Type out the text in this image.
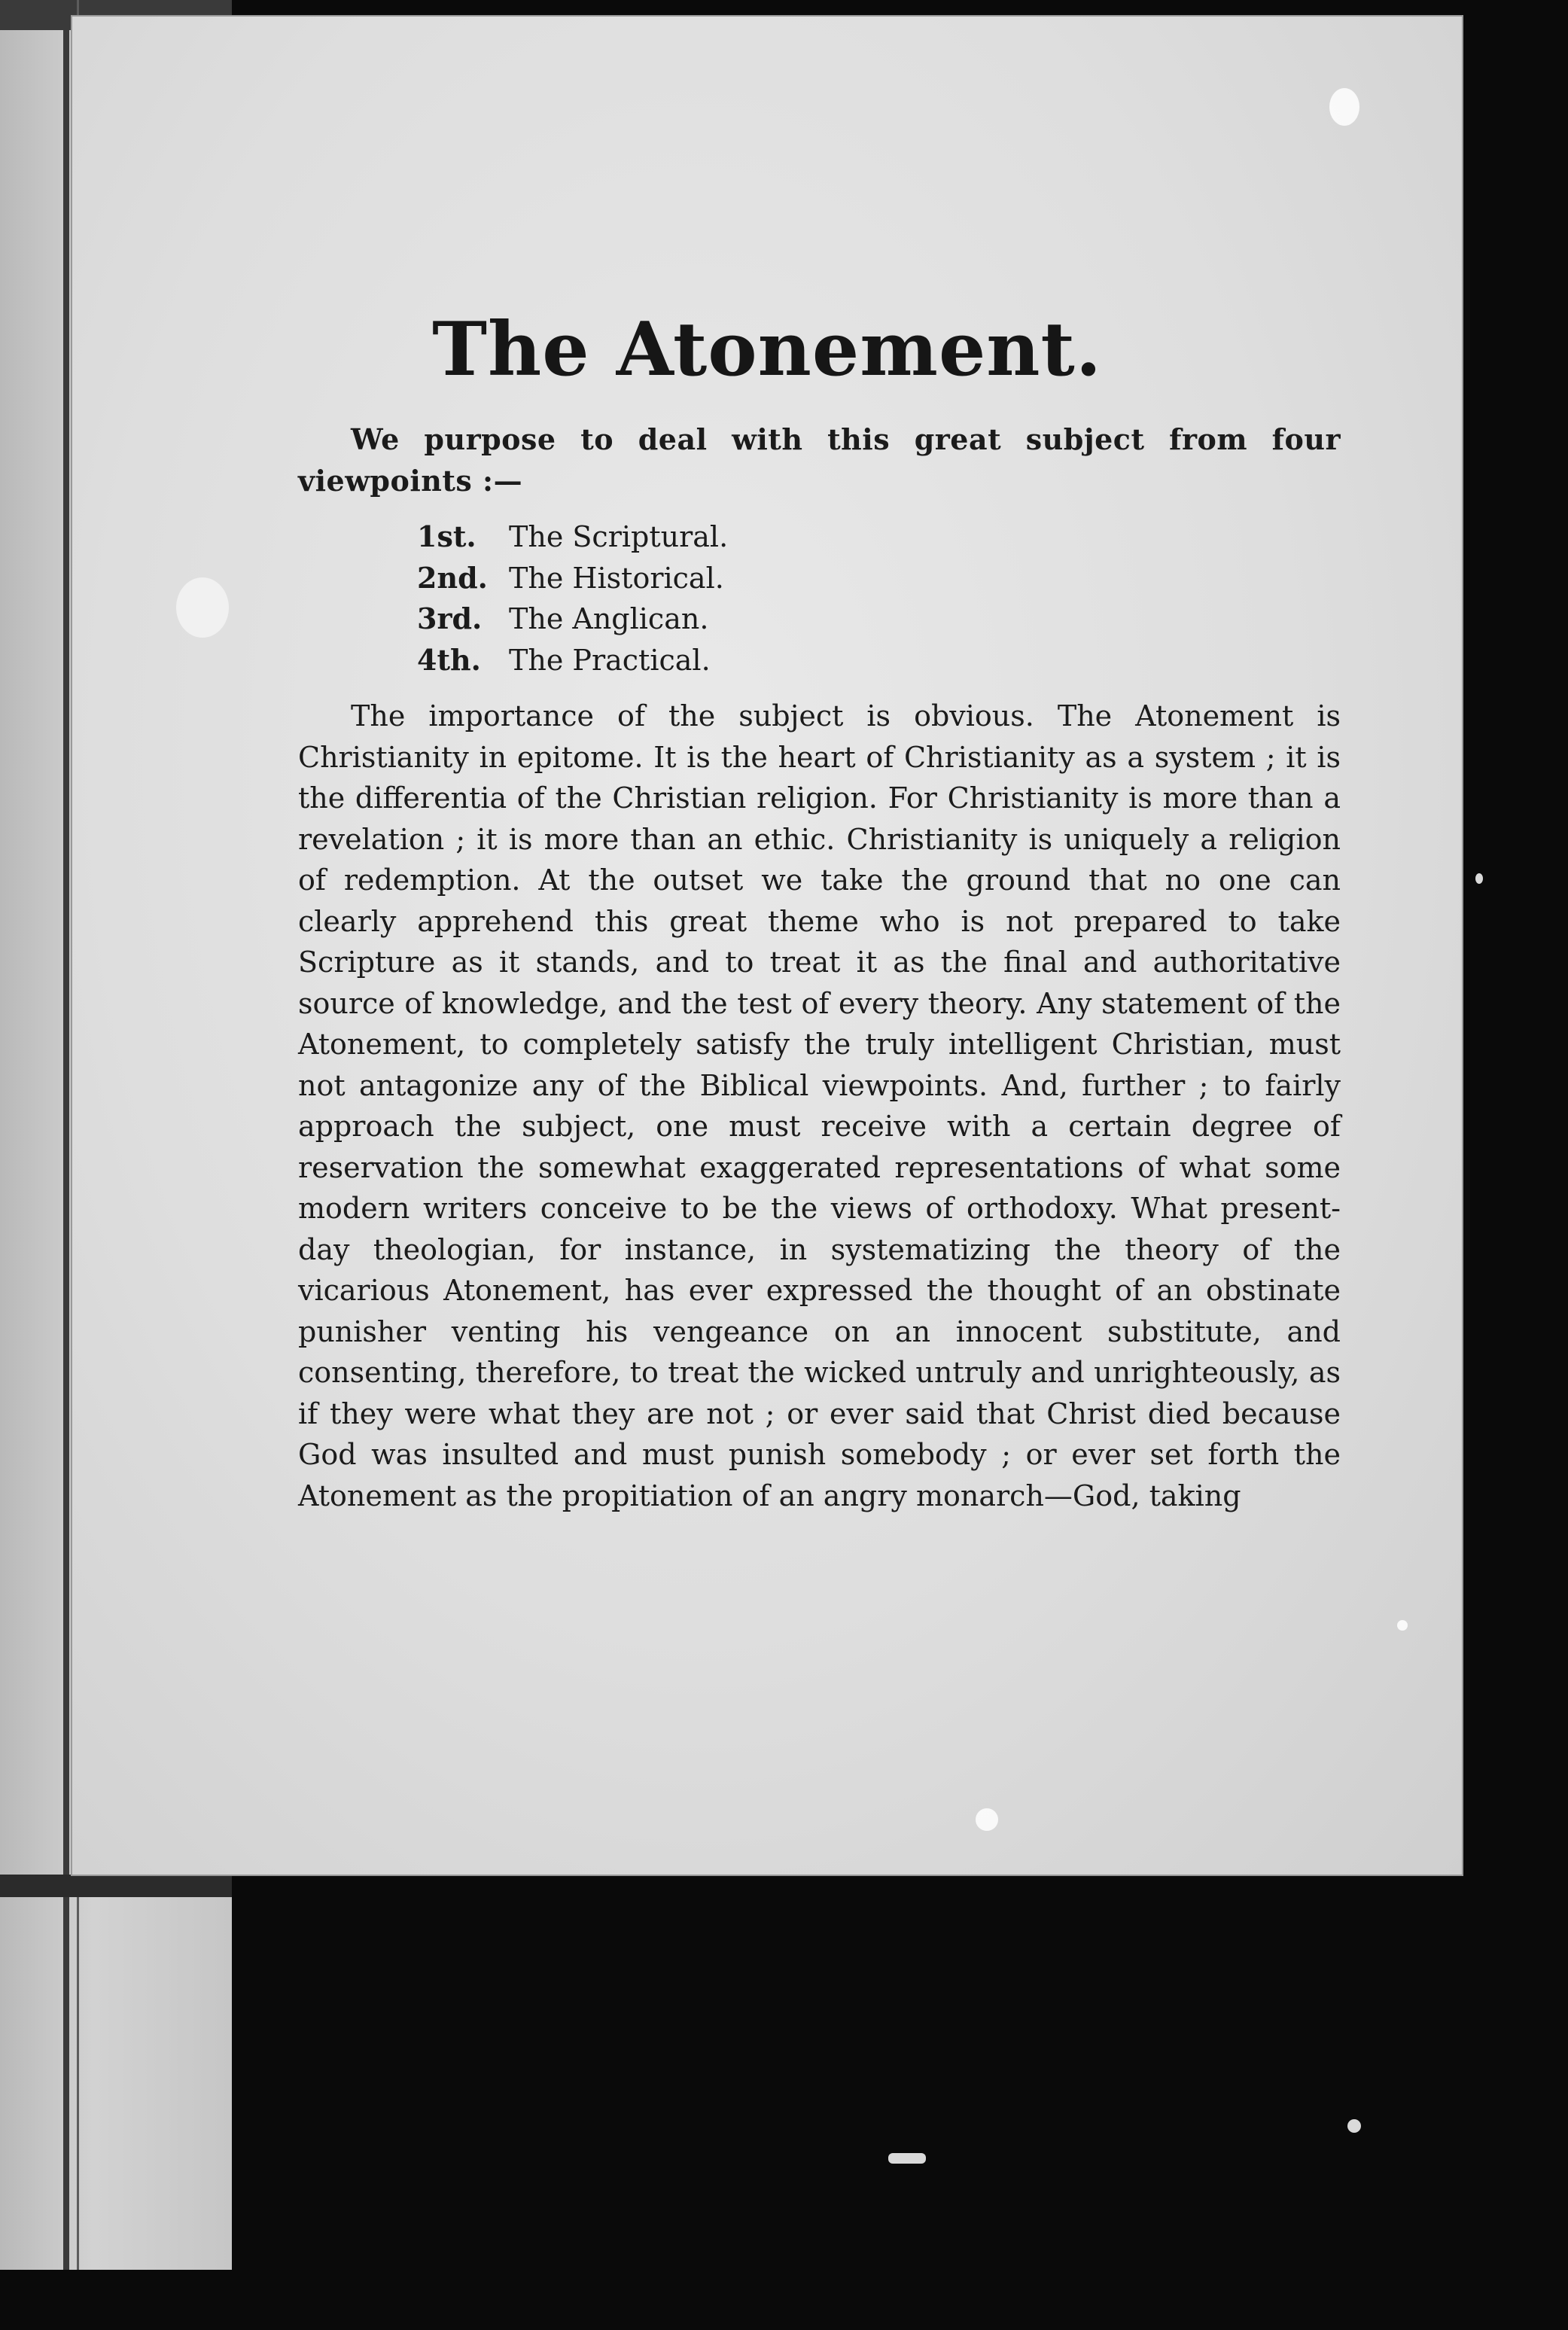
The Atonement.

We purpose to deal with this great subject from four viewpoints :—

1st. The Scriptural.
2nd. The Historical.
3rd. The Anglican.
4th. The Practical.

The importance of the subject is obvious. The Atonement is Christianity in epitome. It is the heart of Christianity as a system ; it is the differentia of the Christian religion. For Christianity is more than a revelation ; it is more than an ethic. Christianity is uniquely a religion of redemption. At the outset we take the ground that no one can clearly apprehend this great theme who is not prepared to take Scripture as it stands, and to treat it as the final and authoritative source of knowledge, and the test of every theory. Any statement of the Atonement, to completely satisfy the truly intelligent Christian, must not antagonize any of the Biblical viewpoints. And, further ; to fairly approach the subject, one must receive with a certain degree of reservation the somewhat exaggerated representations of what some modern writers conceive to be the views of orthodoxy. What present-day theologian, for instance, in systematizing the theory of the vicarious Atonement, has ever expressed the thought of an obstinate punisher venting his vengeance on an innocent substitute, and consenting, therefore, to treat the wicked untruly and unrighteously, as if they were what they are not ; or ever said that Christ died because God was insulted and must punish somebody ; or ever set forth the Atonement as the propitiation of an angry monarch—God, taking
